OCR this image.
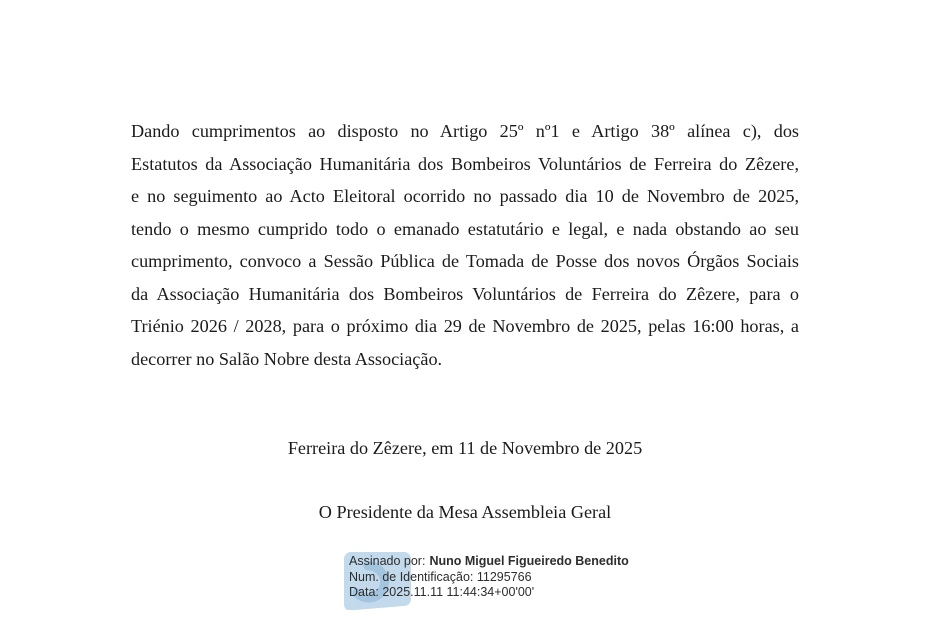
Dando cumprimentos ao disposto no Artigo 25º nº1 e Artigo 38º alínea c), dos
Estatutos da Associação Humanitária dos Bombeiros Voluntários de Ferreira do Zêzere,
e no seguimento ao Acto Eleitoral ocorrido no passado dia 10 de Novembro de 2025,
tendo o mesmo cumprido todo o emanado estatutário e legal, e nada obstando ao seu
cumprimento, convoco a Sessão Pública de Tomada de Posse dos novos Órgãos Sociais
da Associação Humanitária dos Bombeiros Voluntários de Ferreira do Zêzere, para o
Triénio 2026 / 2028, para o próximo dia 29 de Novembro de 2025, pelas 16:00 horas, a
decorrer no Salão Nobre desta Associação.
Ferreira do Zêzere, em 11 de Novembro de 2025
O Presidente da Mesa Assembleia Geral
Assinado por: Nuno Miguel Figueiredo Benedito
Num. de Identificação: 11295766
Data: 2025.11.11 11:44:34+00'00'
